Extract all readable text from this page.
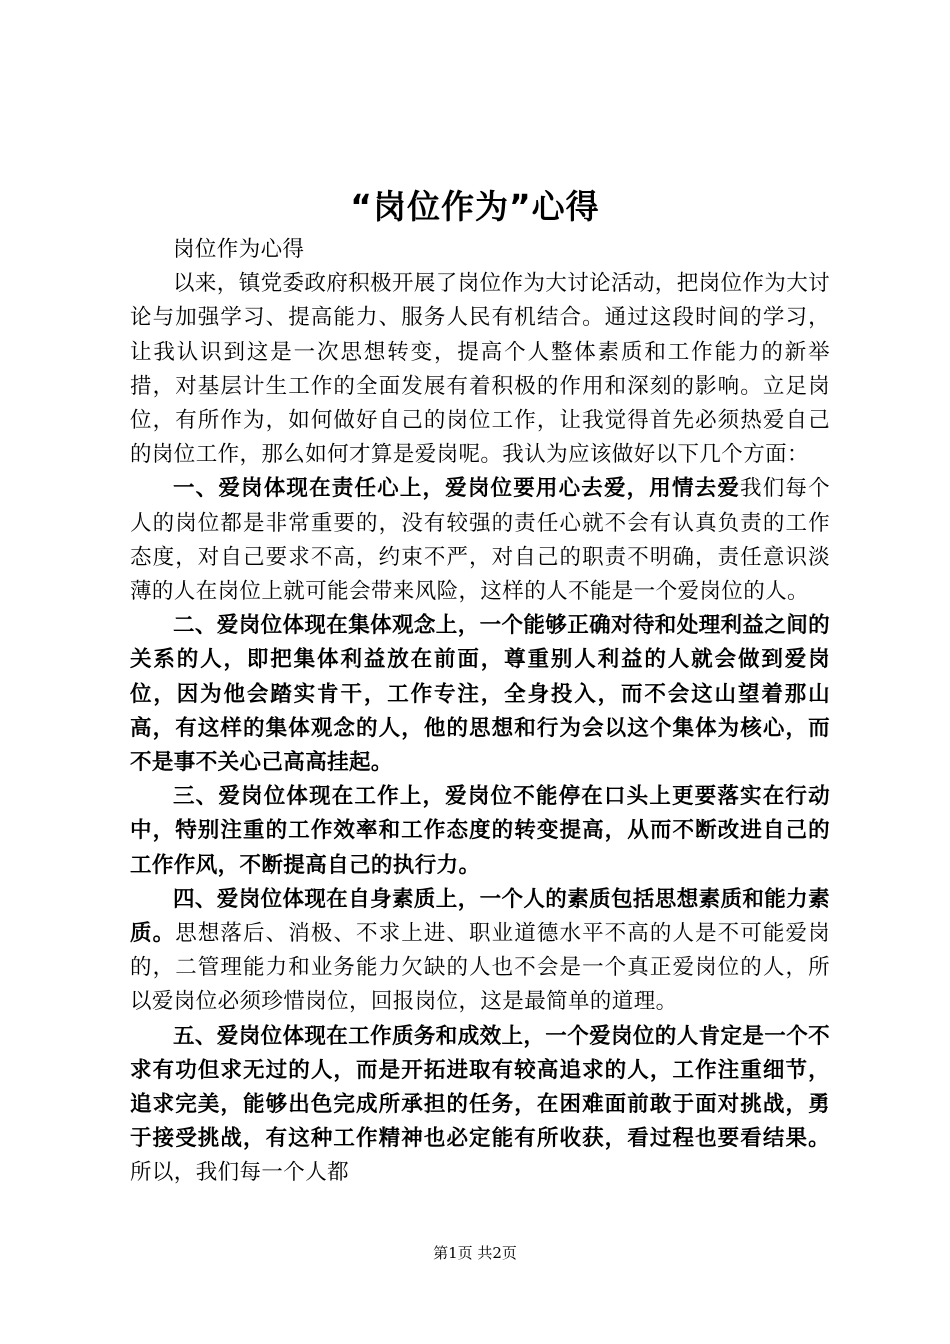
“岗位作为”心得

岗位作为心得

以来，镇党委政府积极开展了岗位作为大讨论活动，把岗位作为大讨论与加强学习、提高能力、服务人民有机结合。通过这段时间的学习，让我认识到这是一次思想转变，提高个人整体素质和工作能力的新举措，对基层计生工作的全面发展有着积极的作用和深刻的影响。立足岗位，有所作为，如何做好自己的岗位工作，让我觉得首先必须热爱自己的岗位工作，那么如何才算是爱岗呢。我认为应该做好以下几个方面：

一、爱岗体现在责任心上，爱岗位要用心去爱，用情去爱我们每个人的岗位都是非常重要的，没有较强的责任心就不会有认真负责的工作态度，对自己要求不高，约束不严，对自己的职责不明确，责任意识淡薄的人在岗位上就可能会带来风险，这样的人不能是一个爱岗位的人。

二、爱岗位体现在集体观念上，一个能够正确对待和处理利益之间的关系的人，即把集体利益放在前面，尊重别人利益的人就会做到爱岗位，因为他会踏实肯干，工作专注，全身投入，而不会这山望着那山高，有这样的集体观念的人，他的思想和行为会以这个集体为核心，而不是事不关心己高高挂起。

三、爱岗位体现在工作上，爱岗位不能停在口头上更要落实在行动中，特别注重的工作效率和工作态度的转变提高，从而不断改进自己的工作作风，不断提高自己的执行力。

四、爱岗位体现在自身素质上，一个人的素质包括思想素质和能力素质。思想落后、消极、不求上进、职业道德水平不高的人是不可能爱岗的，二管理能力和业务能力欠缺的人也不会是一个真正爱岗位的人，所以爱岗位必须珍惜岗位，回报岗位，这是最简单的道理。

五、爱岗位体现在工作质务和成效上，一个爱岗位的人肯定是一个不求有功但求无过的人，而是开拓进取有较高追求的人，工作注重细节，追求完美，能够出色完成所承担的任务，在困难面前敢于面对挑战，勇于接受挑战，有这种工作精神也必定能有所收获，看过程也要看结果。所以，我们每一个人都

第1页 共2页
